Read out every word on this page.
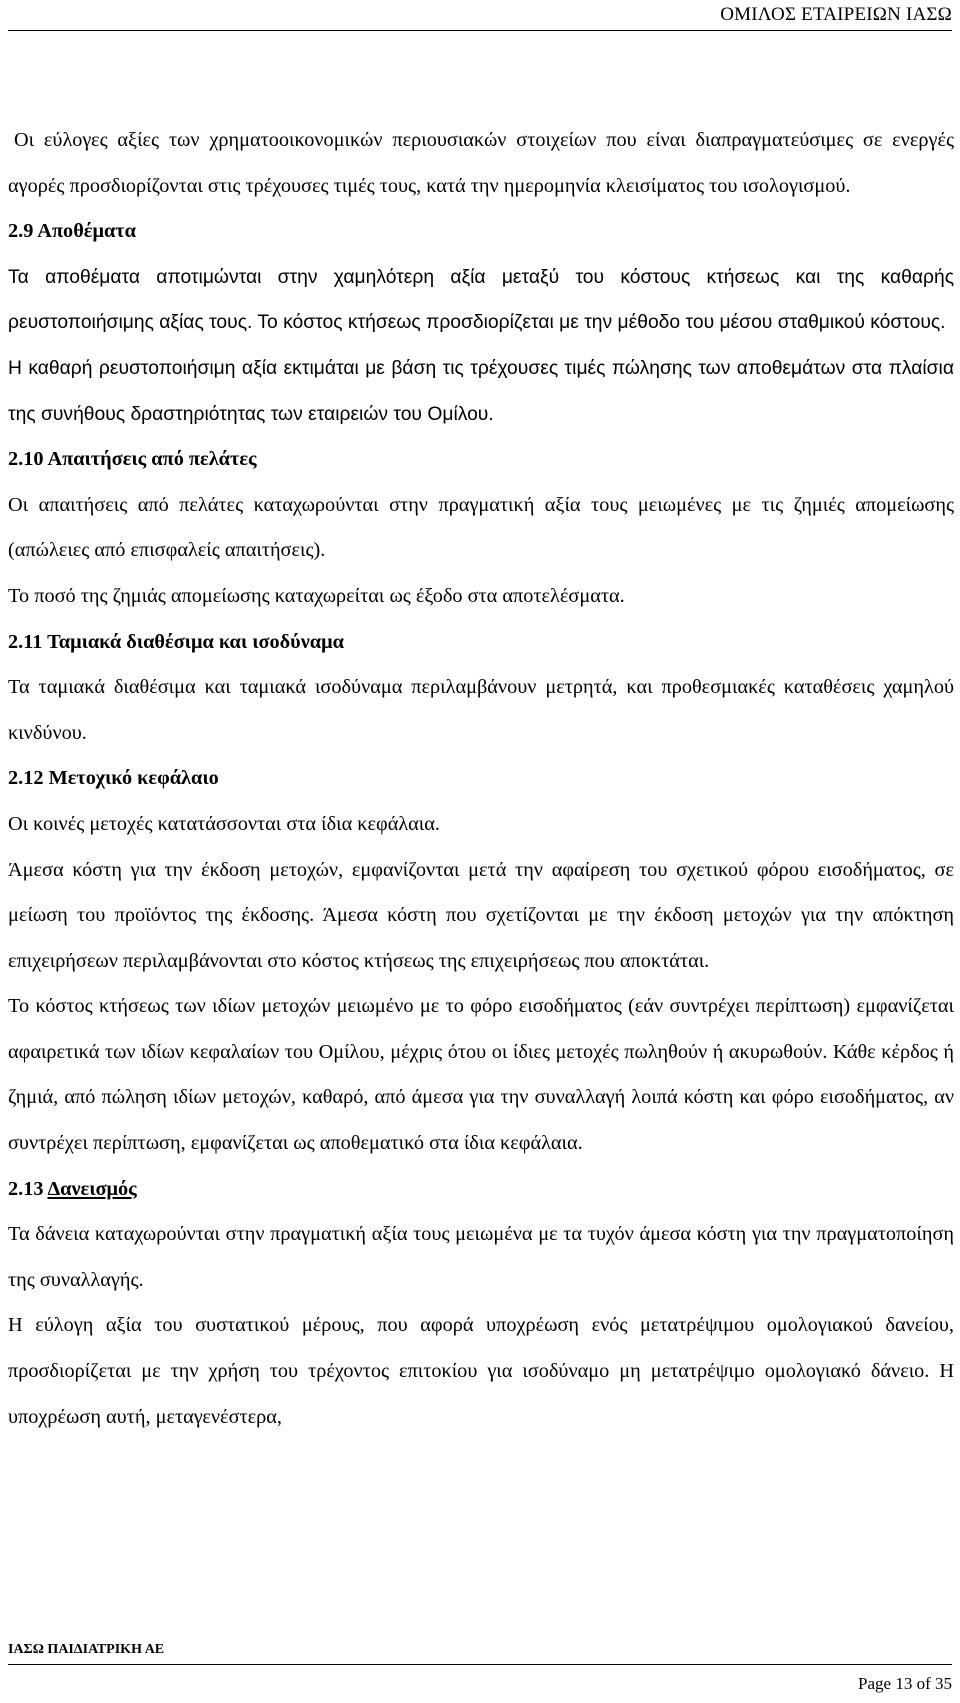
ΟΜΙΛΟΣ ΕΤΑΙΡΕΙΩΝ ΙΑΣΩ

Οι εύλογες αξίες των χρηματοοικονομικών περιουσιακών στοιχείων που είναι διαπραγματεύσιμες σε ενεργές αγορές προσδιορίζονται στις τρέχουσες τιμές τους, κατά την ημερομηνία κλεισίματος του ισολογισμού.

2.9 Αποθέματα

Τα αποθέματα αποτιμώνται στην χαμηλότερη αξία μεταξύ του κόστους κτήσεως και της καθαρής ρευστοποιήσιμης αξίας τους. Το κόστος κτήσεως προσδιορίζεται με την μέθοδο του μέσου σταθμικού κόστους.

Η καθαρή ρευστοποιήσιμη αξία εκτιμάται με βάση τις τρέχουσες τιμές πώλησης των αποθεμάτων στα πλαίσια της συνήθους δραστηριότητας των εταιρειών του Ομίλου.

2.10 Απαιτήσεις από πελάτες

Οι απαιτήσεις από πελάτες καταχωρούνται στην πραγματική αξία τους μειωμένες με τις ζημιές απομείωσης (απώλειες από επισφαλείς απαιτήσεις).

Το ποσό της ζημιάς απομείωσης καταχωρείται ως έξοδο στα αποτελέσματα.

2.11 Ταμιακά διαθέσιμα και ισοδύναμα

Τα ταμιακά διαθέσιμα και ταμιακά ισοδύναμα περιλαμβάνουν μετρητά, και προθεσμιακές καταθέσεις χαμηλού κινδύνου.

2.12 Μετοχικό κεφάλαιο

Οι κοινές μετοχές κατατάσσονται στα ίδια κεφάλαια.

Άμεσα κόστη για την έκδοση μετοχών, εμφανίζονται μετά την αφαίρεση του σχετικού φόρου εισοδήματος, σε μείωση του προϊόντος της έκδοσης. Άμεσα κόστη που σχετίζονται με την έκδοση μετοχών για την απόκτηση επιχειρήσεων περιλαμβάνονται στο κόστος κτήσεως της επιχειρήσεως που αποκτάται.

Το κόστος κτήσεως των ιδίων μετοχών μειωμένο με το φόρο εισοδήματος (εάν συντρέχει περίπτωση) εμφανίζεται αφαιρετικά των ιδίων κεφαλαίων του Ομίλου, μέχρις ότου οι ίδιες μετοχές πωληθούν ή ακυρωθούν. Κάθε κέρδος ή ζημιά, από πώληση ιδίων μετοχών, καθαρό, από άμεσα για την συναλλαγή λοιπά κόστη και φόρο εισοδήματος, αν συντρέχει περίπτωση, εμφανίζεται ως αποθεματικό στα ίδια κεφάλαια.

2.13 Δανεισμός

Τα δάνεια καταχωρούνται στην πραγματική αξία τους μειωμένα με τα τυχόν άμεσα κόστη για την πραγματοποίηση της συναλλαγής.

Η εύλογη αξία του συστατικού μέρους, που αφορά υποχρέωση ενός μετατρέψιμου ομολογιακού δανείου, προσδιορίζεται με την χρήση του τρέχοντος επιτοκίου για ισοδύναμο μη μετατρέψιμο ομολογιακό δάνειο. Η υποχρέωση αυτή, μεταγενέστερα,

ΙΑΣΩ ΠΑΙΔΙΑΤΡΙΚΗ ΑΕ
Page 13 of 35
